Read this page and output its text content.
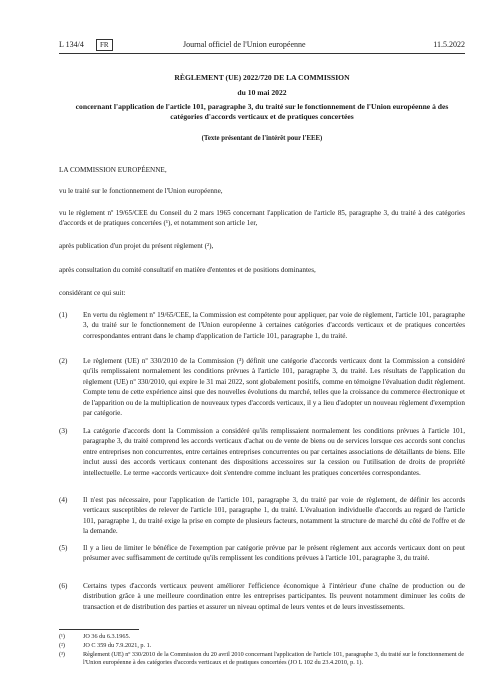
L 134/4	FR	Journal officiel de l'Union européenne	11.5.2022
RÈGLEMENT (UE) 2022/720 DE LA COMMISSION
du 10 mai 2022
concernant l'application de l'article 101, paragraphe 3, du traité sur le fonctionnement de l'Union européenne à des catégories d'accords verticaux et de pratiques concertées
(Texte présentant de l'intérêt pour l'EEE)
LA COMMISSION EUROPÉENNE,
vu le traité sur le fonctionnement de l'Union européenne,
vu le règlement nº 19/65/CEE du Conseil du 2 mars 1965 concernant l'application de l'article 85, paragraphe 3, du traité à des catégories d'accords et de pratiques concertées (¹), et notamment son article 1er,
après publication d'un projet du présent règlement (²),
après consultation du comité consultatif en matière d'ententes et de positions dominantes,
considérant ce qui suit:
(1) En vertu du règlement nº 19/65/CEE, la Commission est compétente pour appliquer, par voie de règlement, l'article 101, paragraphe 3, du traité sur le fonctionnement de l'Union européenne à certaines catégories d'accords verticaux et de pratiques concertées correspondantes entrant dans le champ d'application de l'article 101, paragraphe 1, du traité.
(2) Le règlement (UE) nº 330/2010 de la Commission (³) définit une catégorie d'accords verticaux dont la Commission a considéré qu'ils remplissaient normalement les conditions prévues à l'article 101, paragraphe 3, du traité. Les résultats de l'application du règlement (UE) nº 330/2010, qui expire le 31 mai 2022, sont globalement positifs, comme en témoigne l'évaluation dudit règlement. Compte tenu de cette expérience ainsi que des nouvelles évolutions du marché, telles que la croissance du commerce électronique et de l'apparition ou de la multiplication de nouveaux types d'accords verticaux, il y a lieu d'adopter un nouveau règlement d'exemption par catégorie.
(3) La catégorie d'accords dont la Commission a considéré qu'ils remplissaient normalement les conditions prévues à l'article 101, paragraphe 3, du traité comprend les accords verticaux d'achat ou de vente de biens ou de services lorsque ces accords sont conclus entre entreprises non concurrentes, entre certaines entreprises concurrentes ou par certaines associations de détaillants de biens. Elle inclut aussi des accords verticaux contenant des dispositions accessoires sur la cession ou l'utilisation de droits de propriété intellectuelle. Le terme «accords verticaux» doit s'entendre comme incluant les pratiques concertées correspondantes.
(4) Il n'est pas nécessaire, pour l'application de l'article 101, paragraphe 3, du traité par voie de règlement, de définir les accords verticaux susceptibles de relever de l'article 101, paragraphe 1, du traité. L'évaluation individuelle d'accords au regard de l'article 101, paragraphe 1, du traité exige la prise en compte de plusieurs facteurs, notamment la structure de marché du côté de l'offre et de la demande.
(5) Il y a lieu de limiter le bénéfice de l'exemption par catégorie prévue par le présent règlement aux accords verticaux dont on peut présumer avec suffisamment de certitude qu'ils remplissent les conditions prévues à l'article 101, paragraphe 3, du traité.
(6) Certains types d'accords verticaux peuvent améliorer l'efficience économique à l'intérieur d'une chaîne de production ou de distribution grâce à une meilleure coordination entre les entreprises participantes. Ils peuvent notamment diminuer les coûts de transaction et de distribution des parties et assurer un niveau optimal de leurs ventes et de leurs investissements.
(¹)	JO 36 du 6.3.1965.
(²)	JO C 359 du 7.9.2021, p. 1.
(³)	Règlement (UE) nº 330/2010 de la Commission du 20 avril 2010 concernant l'application de l'article 101, paragraphe 3, du traité sur le fonctionnement de l'Union européenne à des catégories d'accords verticaux et de pratiques concertées (JO L 102 du 23.4.2010, p. 1).
